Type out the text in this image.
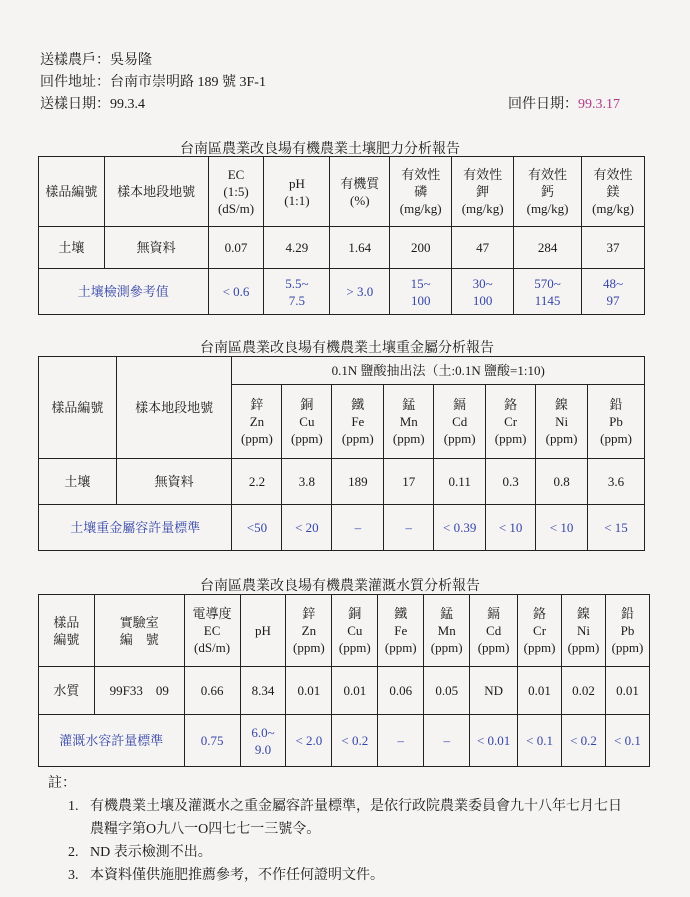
送樣農戶：吳易隆
回件地址：台南市崇明路 189 號 3F-1
送樣日期：99.3.4	回件日期：99.3.17
台南區農業改良場有機農業土壤肥力分析報告
樣品編號	樣本地段地號	EC
(1:5)
(dS/m)	pH
(1:1)	有機質
(%)	有效性
磷
(mg/kg)	有效性
鉀
(mg/kg)	有效性
鈣
(mg/kg)	有效性
鎂
(mg/kg)
土壤	無資料	0.07	4.29	1.64	200	47	284	37
土壤檢測參考值		< 0.6	5.5~
7.5	> 3.0	15~
100	30~
100	570~
1145	48~
97
台南區農業改良場有機農業土壤重金屬分析報告
樣品編號	樣本地段地號	0.1N 鹽酸抽出法（土:0.1N 鹽酸=1:10)							
		鋅
Zn
(ppm)	銅
Cu
(ppm)	鐵
Fe
(ppm)	錳
Mn
(ppm)	鎘
Cd
(ppm)	鉻
Cr
(ppm)	鎳
Ni
(ppm)	鉛
Pb
(ppm)
土壤	無資料	2.2	3.8	189	17	0.11	0.3	0.8	3.6
土壤重金屬容許量標準		<50	< 20	–	–	< 0.39	< 10	< 10	< 15
台南區農業改良場有機農業灌溉水質分析報告
樣品
編號	實驗室
編　號	電導度
EC
(dS/m)	pH	鋅
Zn
(ppm)	銅
Cu
(ppm)	鐵
Fe
(ppm)	錳
Mn
(ppm)	鎘
Cd
(ppm)	鉻
Cr
(ppm)	鎳
Ni
(ppm)	鉛
Pb
(ppm)
水質	99F33　09	0.66	8.34	0.01	0.01	0.06	0.05	ND	0.01	0.02	0.01
灌溉水容許量標準		0.75	6.0~
9.0	< 2.0	< 0.2	–	–	< 0.01	< 0.1	< 0.2	< 0.1
註：
1. 有機農業土壤及灌溉水之重金屬容許量標準，是依行政院農業委員會九十八年七月七日
農糧字第O九八一O四七七一三號令。
2. ND 表示檢測不出。
3. 本資料僅供施肥推薦參考，不作任何證明文件。
